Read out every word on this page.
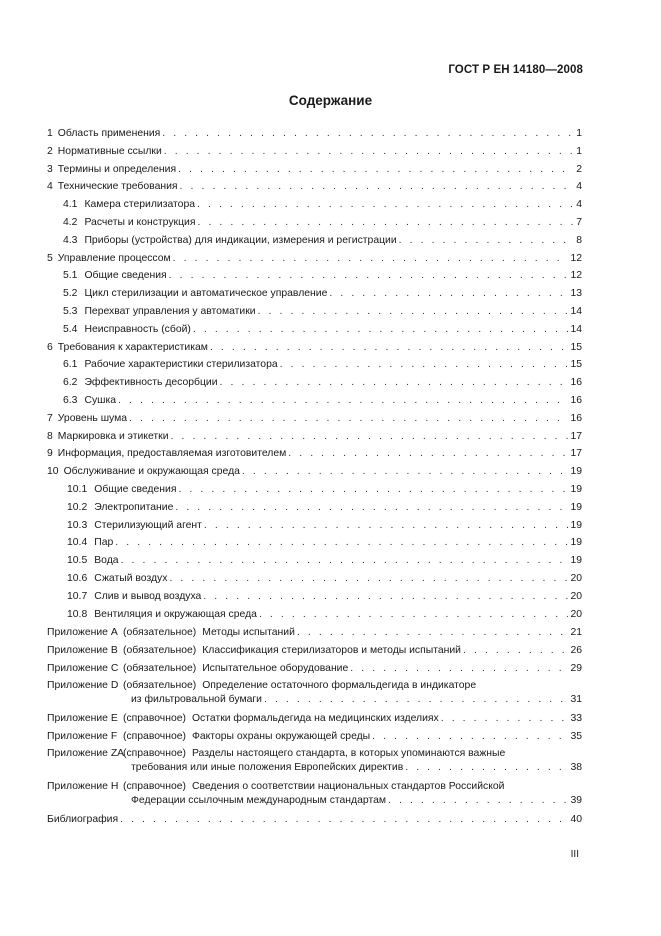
ГОСТ Р ЕН 14180—2008
Содержание
1 Область применения . . .	1
2 Нормативные ссылки . . .	1
3 Термины и определения . . .	2
4 Технические требования . . .	4
4.1 Камера стерилизатора . . .	4
4.2 Расчеты и конструкция . . .	7
4.3 Приборы (устройства) для индикации, измерения и регистрации . . .	8
5 Управление процессом . . .	12
5.1 Общие сведения . . .	12
5.2 Цикл стерилизации и автоматическое управление . . .	13
5.3 Перехват управления у автоматики . . .	14
5.4 Неисправность (сбой) . . .	14
6 Требования к характеристикам . . .	15
6.1 Рабочие характеристики стерилизатора . . .	15
6.2 Эффективность десорбции . . .	16
6.3 Сушка . . .	16
7 Уровень шума . . .	16
8 Маркировка и этикетки . . .	17
9 Информация, предоставляемая изготовителем . . .	17
10 Обслуживание и окружающая среда . . .	19
10.1 Общие сведения . . .	19
10.2 Электропитание . . .	19
10.3 Стерилизующий агент . . .	19
10.4 Пар . . .	19
10.5 Вода . . .	19
10.6 Сжатый воздух . . .	20
10.7 Слив и вывод воздуха . . .	20
10.8 Вентиляция и окружающая среда . . .	20
Приложение А (обязательное) Методы испытаний . . .	21
Приложение В (обязательное) Классификация стерилизаторов и методы испытаний . . .	26
Приложение С (обязательное) Испытательное оборудование . . .	29
Приложение D (обязательное) Определение остаточного формальдегида в индикаторе
из фильтровальной бумаги . . .	31
Приложение Е (справочное) Остатки формальдегида на медицинских изделиях . . .	33
Приложение F (справочное) Факторы охраны окружающей среды . . .	35
Приложение ZA
(справочное) Разделы настоящего стандарта, в которых упоминаются важные
требования или иные положения Европейских директив . . .	38
Приложение Н (справочное) Сведения о соответствии национальных стандартов Российской
Федерации ссылочным международным стандартам . . .	39
Библиография . . .	40
III
